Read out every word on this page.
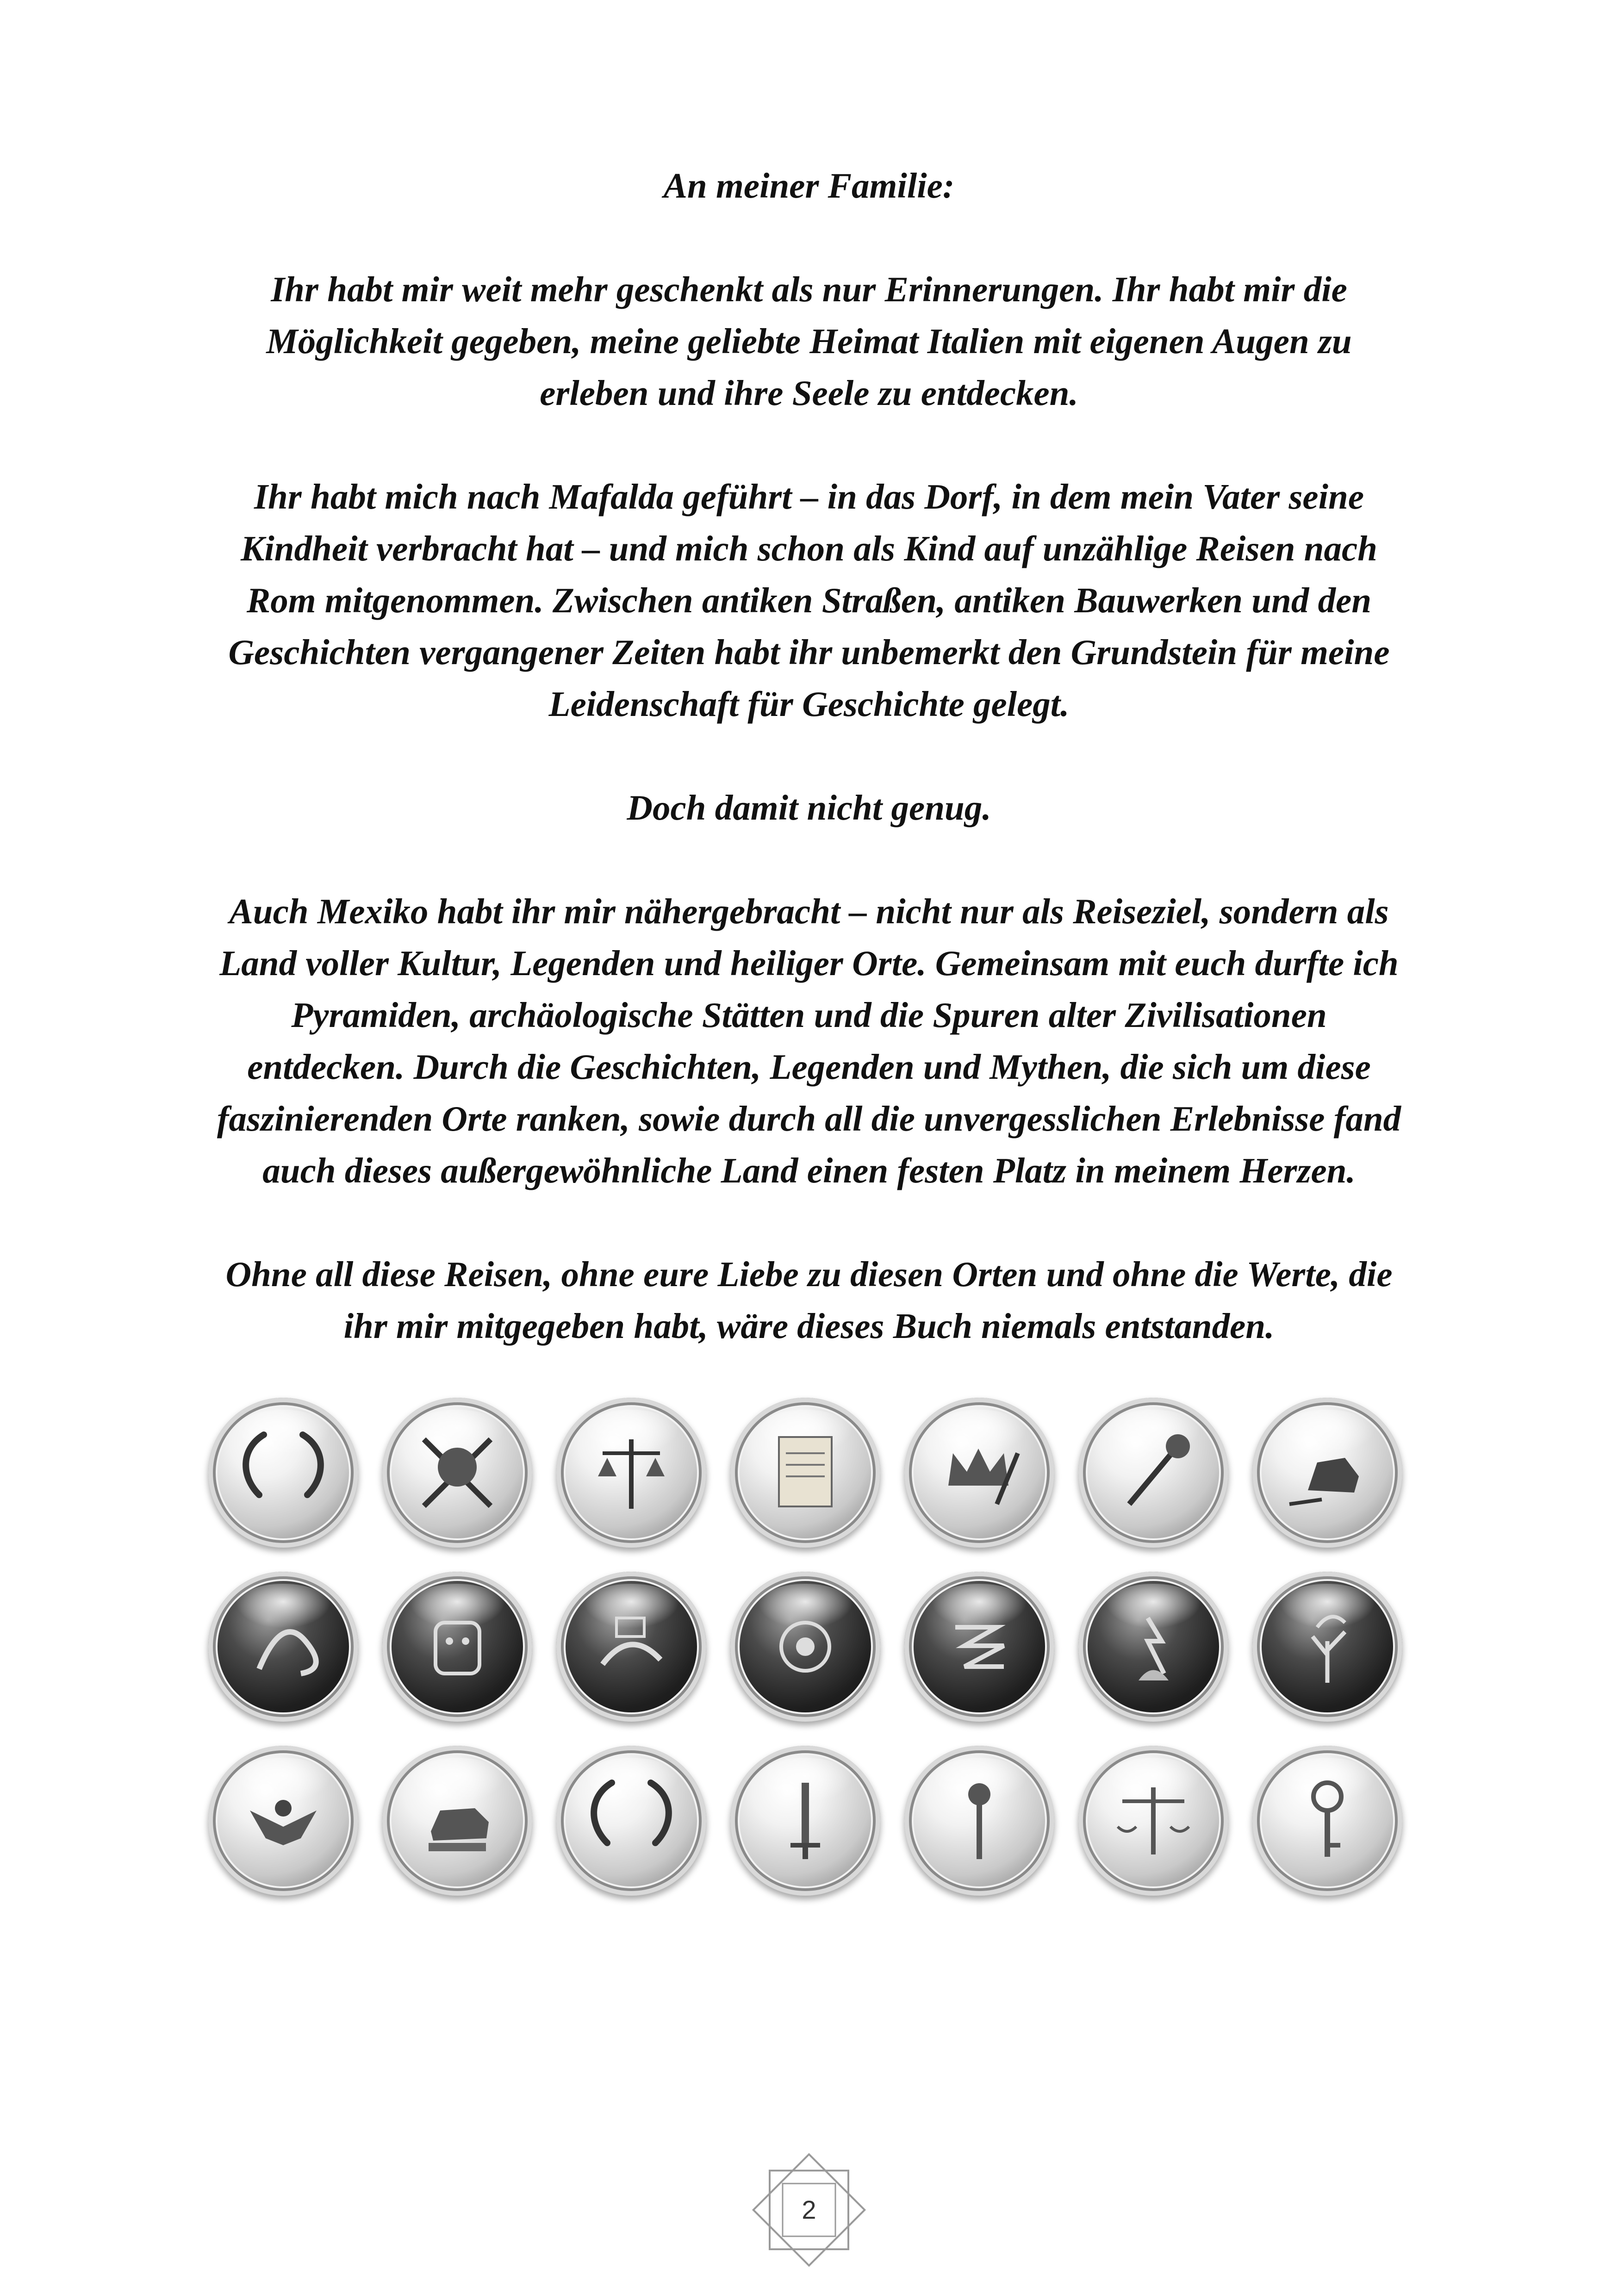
An meiner Familie:

Ihr habt mir weit mehr geschenkt als nur Erinnerungen. Ihr habt mir die
Möglichkeit gegeben, meine geliebte Heimat Italien mit eigenen Augen zu
erleben und ihre Seele zu entdecken.

Ihr habt mich nach Mafalda geführt – in das Dorf, in dem mein Vater seine
Kindheit verbracht hat – und mich schon als Kind auf unzählige Reisen nach
Rom mitgenommen. Zwischen antiken Straßen, antiken Bauwerken und den
Geschichten vergangener Zeiten habt ihr unbemerkt den Grundstein für meine
Leidenschaft für Geschichte gelegt.

Doch damit nicht genug.

Auch Mexiko habt ihr mir nähergebracht – nicht nur als Reiseziel, sondern als
Land voller Kultur, Legenden und heiliger Orte. Gemeinsam mit euch durfte ich
Pyramiden, archäologische Stätten und die Spuren alter Zivilisationen
entdecken. Durch die Geschichten, Legenden und Mythen, die sich um diese
faszinierenden Orte ranken, sowie durch all die unvergesslichen Erlebnisse fand
auch dieses außergewöhnliche Land einen festen Platz in meinem Herzen.

Ohne all diese Reisen, ohne eure Liebe zu diesen Orten und ohne die Werte, die
ihr mir mitgegeben habt, wäre dieses Buch niemals entstanden.

2
